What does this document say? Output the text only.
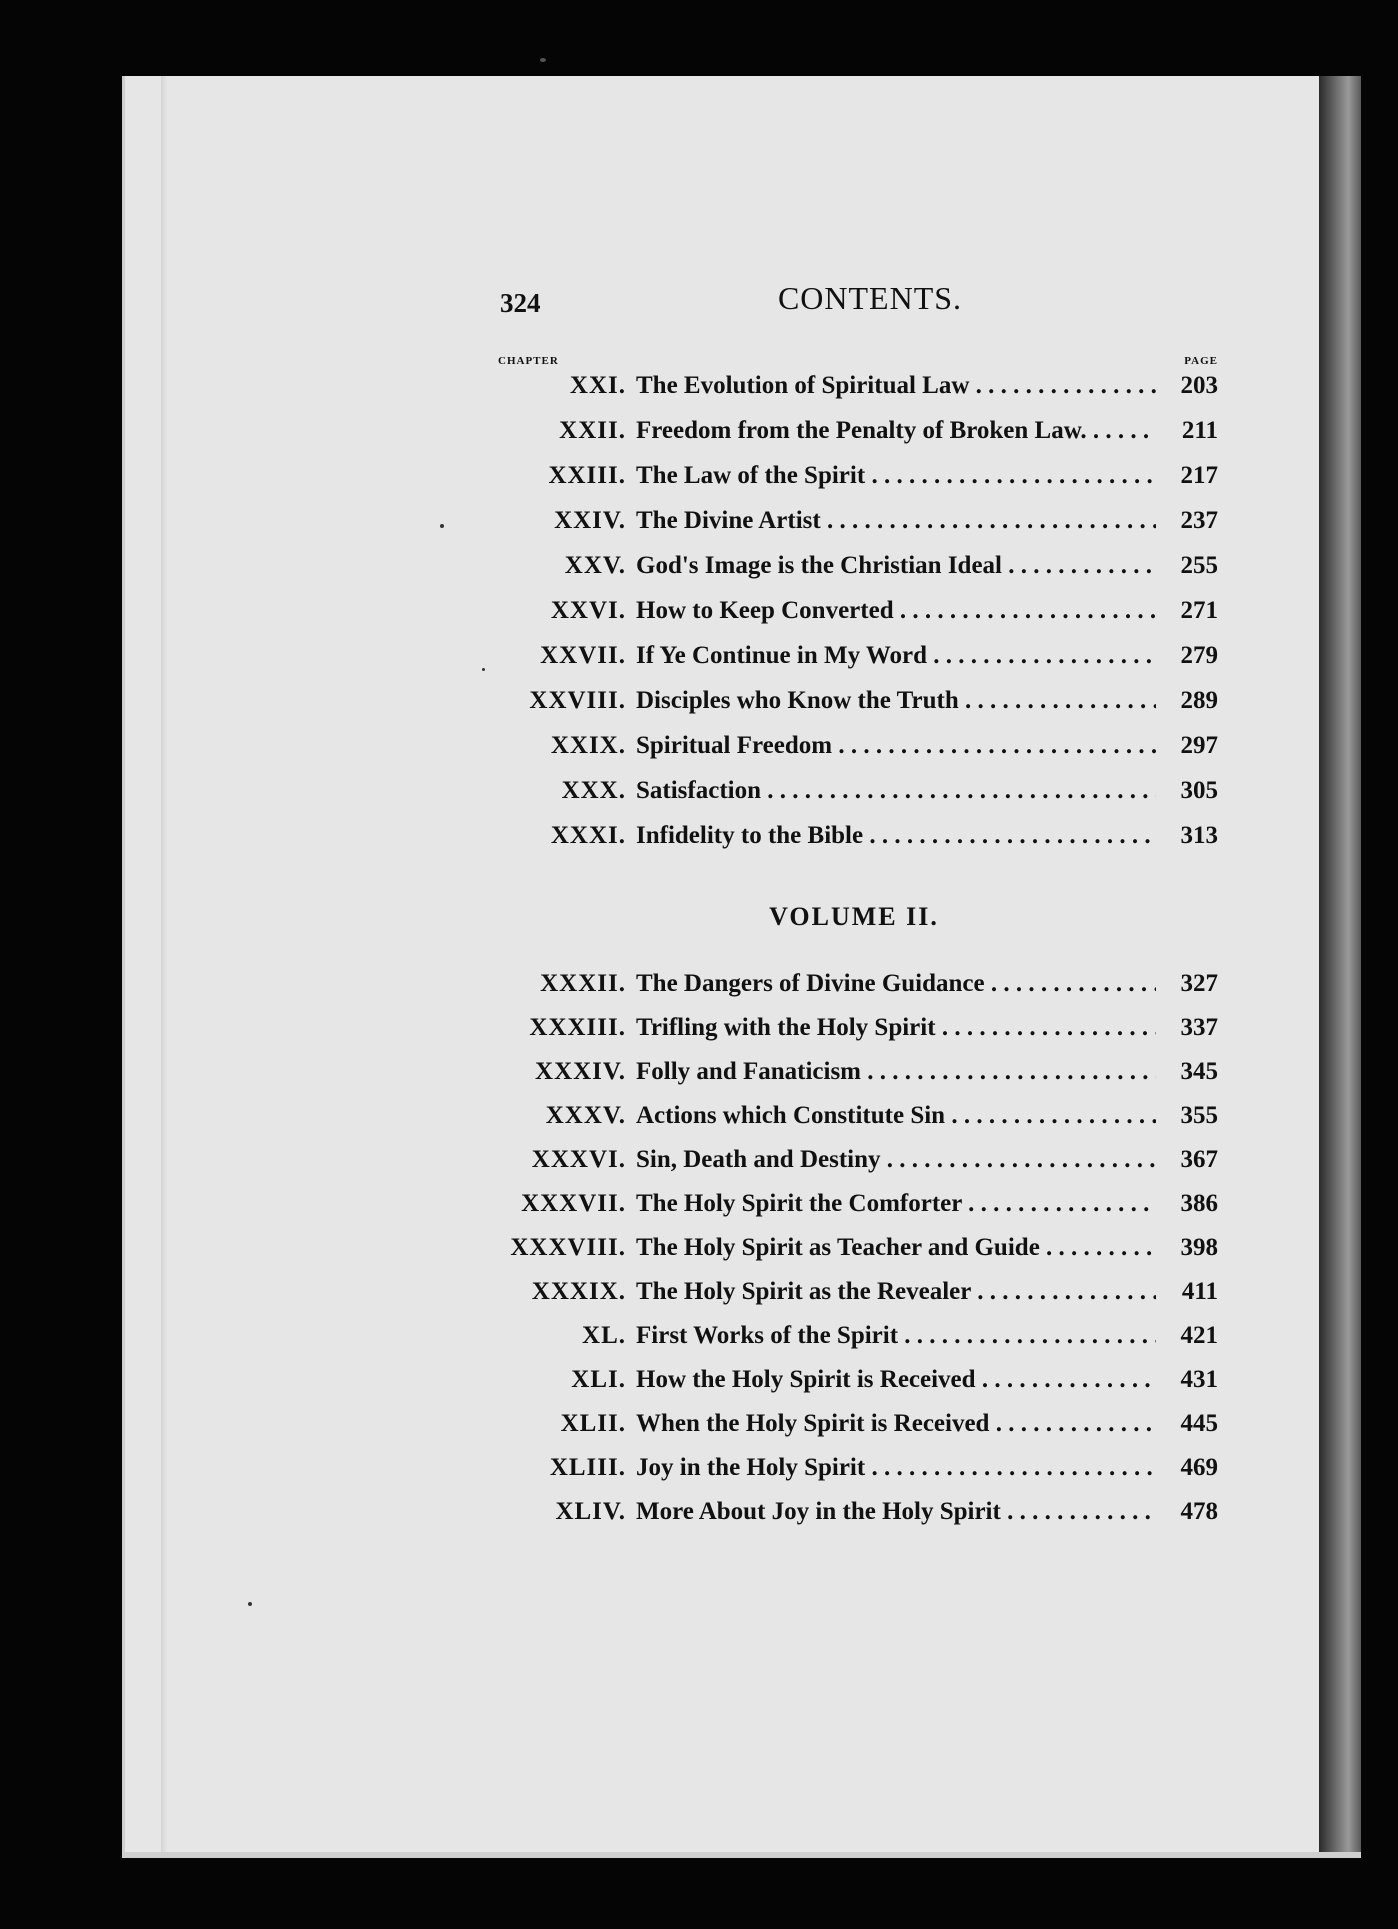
324	CONTENTS.
CHAPTER	PAGE
XXI. The Evolution of Spiritual Law . . .	203
XXII. Freedom from the Penalty of Broken Law. . . .	211
XXIII. The Law of the Spirit . . .	217
XXIV. The Divine Artist . . .	237
XXV. God's Image is the Christian Ideal . . .	255
XXVI. How to Keep Converted . . .	271
XXVII. If Ye Continue in My Word . . .	279
XXVIII. Disciples who Know the Truth . . .	289
XXIX. Spiritual Freedom . . .	297
XXX. Satisfaction . . .	305
XXXI. Infidelity to the Bible . . .	313
VOLUME II.
XXXII. The Dangers of Divine Guidance . . .	327
XXXIII. Trifling with the Holy Spirit . . .	337
XXXIV. Folly and Fanaticism . . .	345
XXXV. Actions which Constitute Sin . . .	355
XXXVI. Sin, Death and Destiny . . .	367
XXXVII. The Holy Spirit the Comforter . . .	386
XXXVIII. The Holy Spirit as Teacher and Guide . . .	398
XXXIX. The Holy Spirit as the Revealer . . .	411
XL. First Works of the Spirit . . .	421
XLI. How the Holy Spirit is Received . . .	431
XLII. When the Holy Spirit is Received . . .	445
XLIII. Joy in the Holy Spirit . . .	469
XLIV. More About Joy in the Holy Spirit . . .	478
